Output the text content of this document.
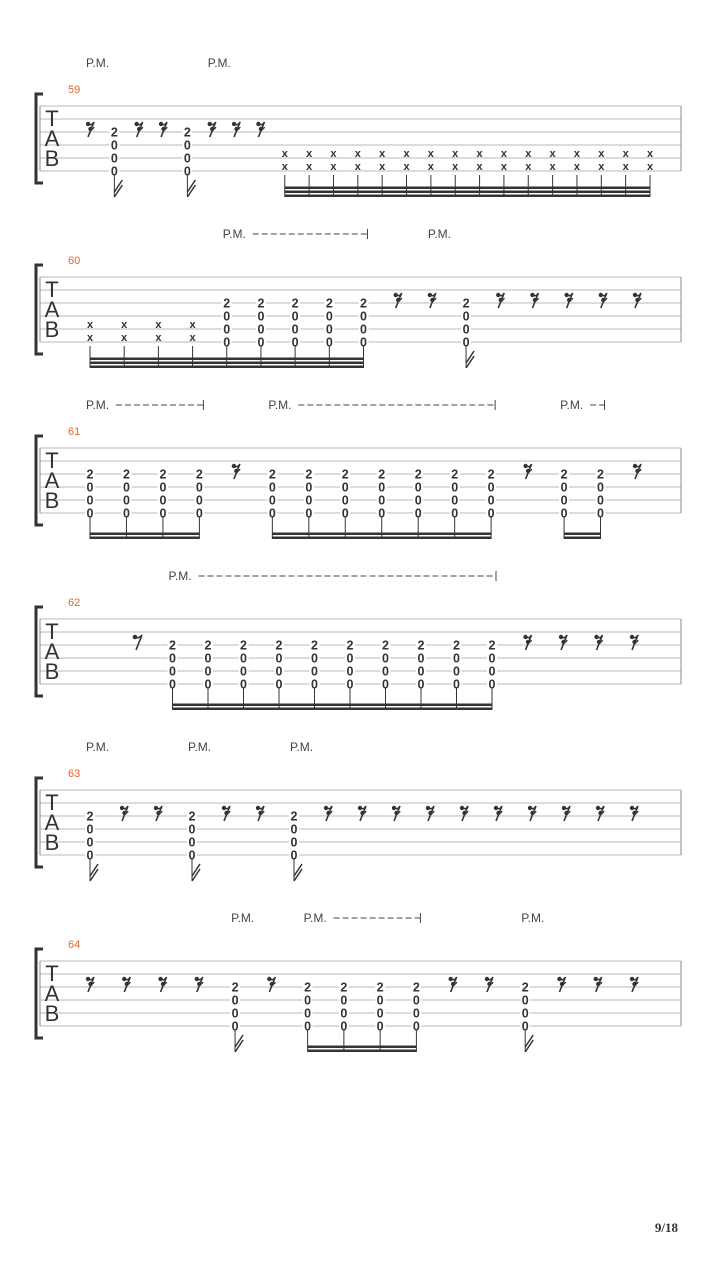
T
A
B
59
2
0
0
0
2
0
0
0
x
x
x
x
x
x
x
x
x
x
x
x
x
x
x
x
x
x
x
x
x
x
x
x
x
x
x
x
x
x
x
x
P.M.	P.M.
T
A
B
60
x
x
x
x
x
x
x
x
2
0
0
0
2
0
0
0
2
0
0
0
2
0
0
0
2
0
0
0
2
0
0
0
P.M.	P.M.
T
A
B
61
2
0
0
0
2
0
0
0
2
0
0
0
2
0
0
0
2
0
0
0
2
0
0
0
2
0
0
0
2
0
0
0
2
0
0
0
2
0
0
0
2
0
0
0
2
0
0
0
2
0
0
0
P.M.	P.M.	P.M.
T
A
B
62
2
0
0
0
2
0
0
0
2
0
0
0
2
0
0
0
2
0
0
0
2
0
0
0
2
0
0
0
2
0
0
0
2
0
0
0
2
0
0
0
P.M.
T
A
B
63
2
0
0
0
2
0
0
0
2
0
0
0
P.M.	P.M.	P.M.
T
A
B
64
2
0
0
0
2
0
0
0
2
0
0
0
2
0
0
0
2
0
0
0
2
0
0
0
P.M.	P.M.	P.M.
9/18
